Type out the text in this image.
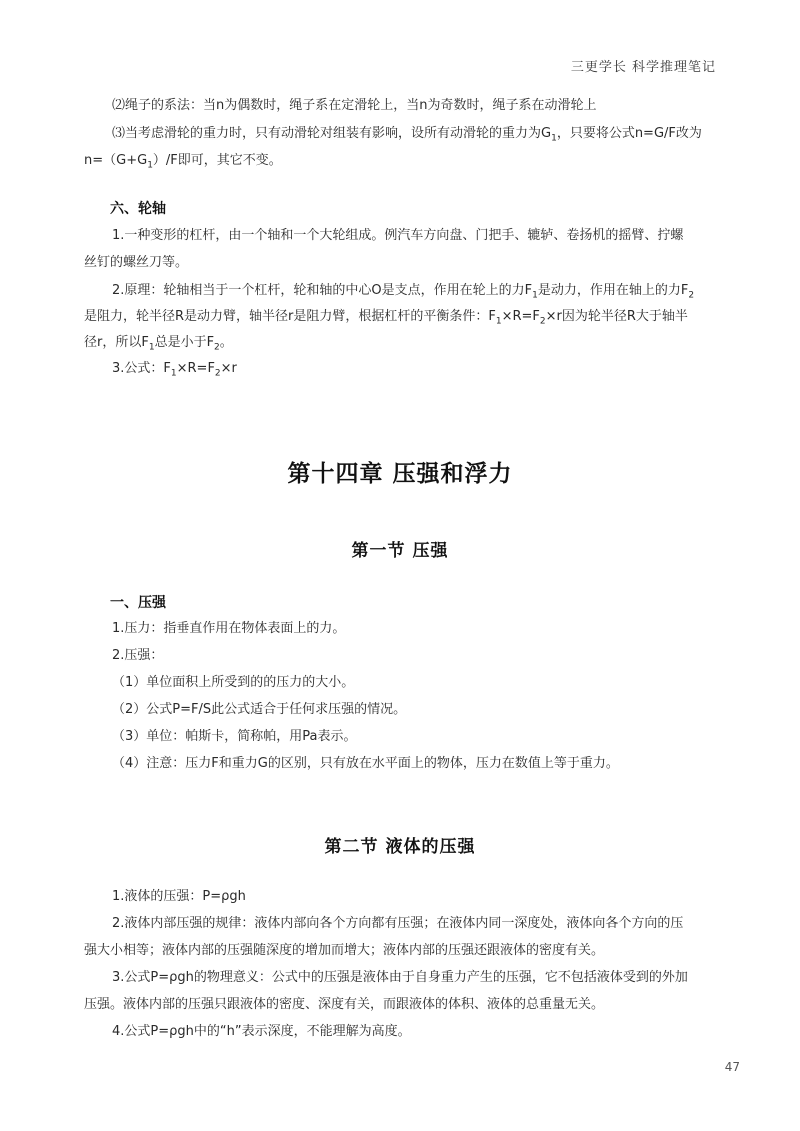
三更学长 科学推理笔记

⑵绳子的系法：当n为偶数时，绳子系在定滑轮上，当n为奇数时，绳子系在动滑轮上

⑶当考虑滑轮的重力时，只有动滑轮对组装有影响，设所有动滑轮的重力为$G_1$，只要将公式n=G/F改为

$n=(G+G_1)/F$即可，其它不变。

六、轮轴

1.一种变形的杠杆，由一个轴和一个大轮组成。例汽车方向盘、门把手、辘轳、卷扬机的摇臂、拧螺

丝钉的螺丝刀等。

2.原理：轮轴相当于一个杠杆，轮和轴的中心O是支点，作用在轮上的力$F_1$是动力，作用在轴上的力$F_2$

是阻力，轮半径R是动力臂，轴半径r是阻力臂，根据杠杆的平衡条件：$F_1\times R=F_2\times r$因为轮半径R大于轴半

径r，所以$F_1$总是小于$F_2$。

3.公式：$F_1\times R=F_2\times r$

第十四章 压强和浮力
第一节 压强
一、压强

1.压力：指垂直作用在物体表面上的力。

2.压强：

（1）单位面积上所受到的的压力的大小。

（2）公式P=F/S此公式适合于任何求压强的情况。

（3）单位：帕斯卡，简称帕，用Pa表示。

（4）注意：压力F和重力G的区别，只有放在水平面上的物体，压力在数值上等于重力。

第二节 液体的压强

1.液体的压强：P=ρgh

2.液体内部压强的规律：液体内部向各个方向都有压强；在液体内同一深度处，液体向各个方向的压

强大小相等；液体内部的压强随深度的增加而增大；液体内部的压强还跟液体的密度有关。

3.公式P=ρgh的物理意义：公式中的压强是液体由于自身重力产生的压强，它不包括液体受到的外加

压强。液体内部的压强只跟液体的密度、深度有关，而跟液体的体积、液体的总重量无关。

4.公式P=ρgh中的“h”表示深度，不能理解为高度。

47
